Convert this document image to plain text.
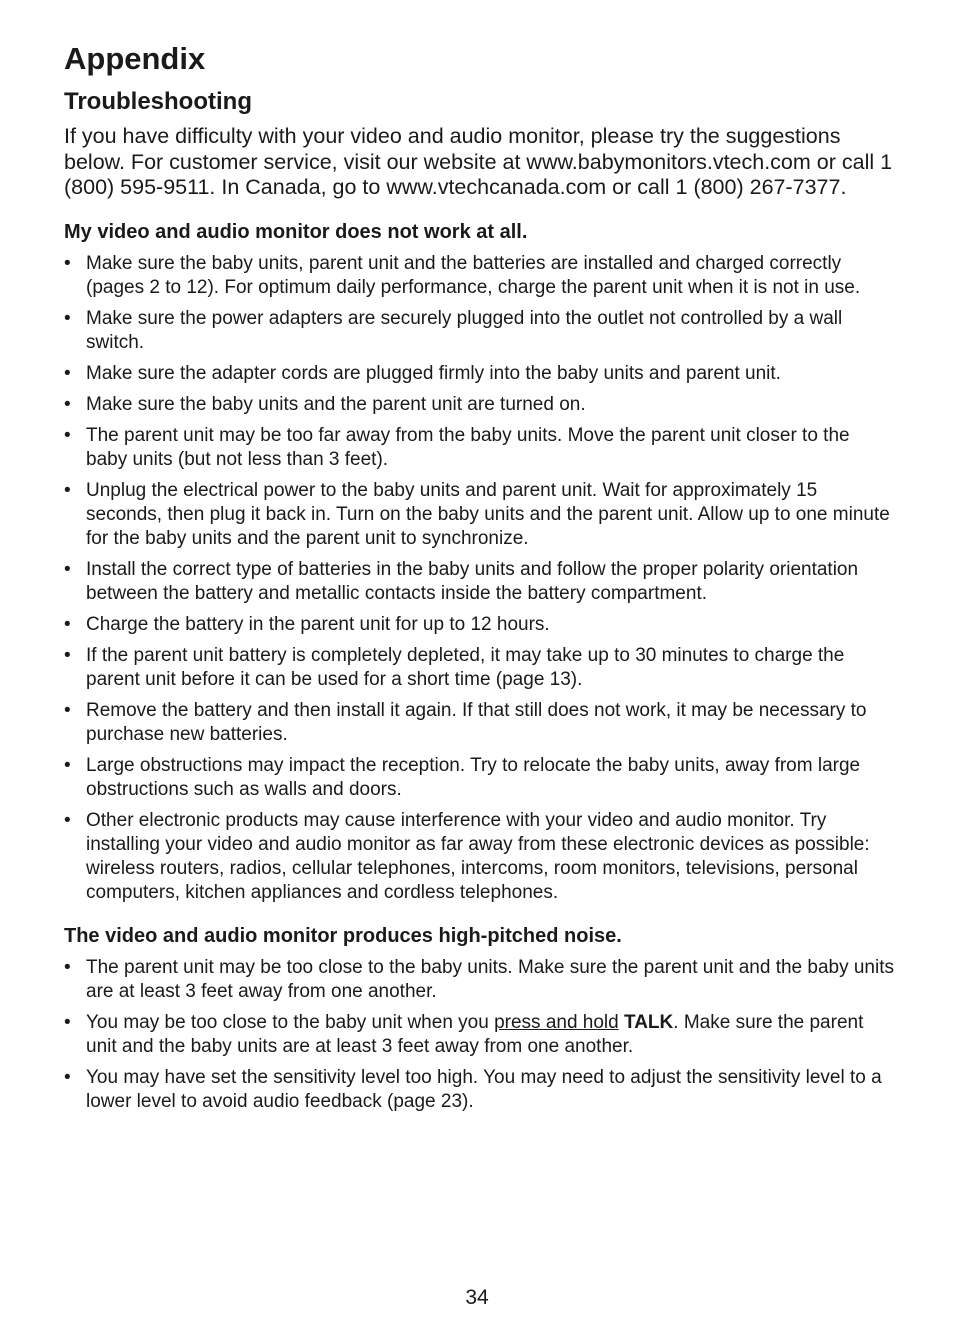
Appendix
Troubleshooting

If you have difficulty with your video and audio monitor, please try the suggestions below. For customer service, visit our website at www.babymonitors.vtech.com or call 1 (800) 595-9511. In Canada, go to www.vtechcanada.com or call 1 (800) 267-7377.

My video and audio monitor does not work at all.
• Make sure the baby units, parent unit and the batteries are installed and charged correctly (pages 2 to 12). For optimum daily performance, charge the parent unit when it is not in use.
• Make sure the power adapters are securely plugged into the outlet not controlled by a wall switch.
• Make sure the adapter cords are plugged firmly into the baby units and parent unit.
• Make sure the baby units and the parent unit are turned on.
• The parent unit may be too far away from the baby units. Move the parent unit closer to the baby units (but not less than 3 feet).
• Unplug the electrical power to the baby units and parent unit. Wait for approximately 15 seconds, then plug it back in. Turn on the baby units and the parent unit. Allow up to one minute for the baby units and the parent unit to synchronize.
• Install the correct type of batteries in the baby units and follow the proper polarity orientation between the battery and metallic contacts inside the battery compartment.
• Charge the battery in the parent unit for up to 12 hours.
• If the parent unit battery is completely depleted, it may take up to 30 minutes to charge the parent unit before it can be used for a short time (page 13).
• Remove the battery and then install it again. If that still does not work, it may be necessary to purchase new batteries.
• Large obstructions may impact the reception. Try to relocate the baby units, away from large obstructions such as walls and doors.
• Other electronic products may cause interference with your video and audio monitor. Try installing your video and audio monitor as far away from these electronic devices as possible: wireless routers, radios, cellular telephones, intercoms, room monitors, televisions, personal computers, kitchen appliances and cordless telephones.
The video and audio monitor produces high-pitched noise.
• The parent unit may be too close to the baby units. Make sure the parent unit and the baby units are at least 3 feet away from one another.
• You may be too close to the baby unit when you press and hold TALK. Make sure the parent unit and the baby units are at least 3 feet away from one another.
• You may have set the sensitivity level too high. You may need to adjust the sensitivity level to a lower level to avoid audio feedback (page 23).
34
